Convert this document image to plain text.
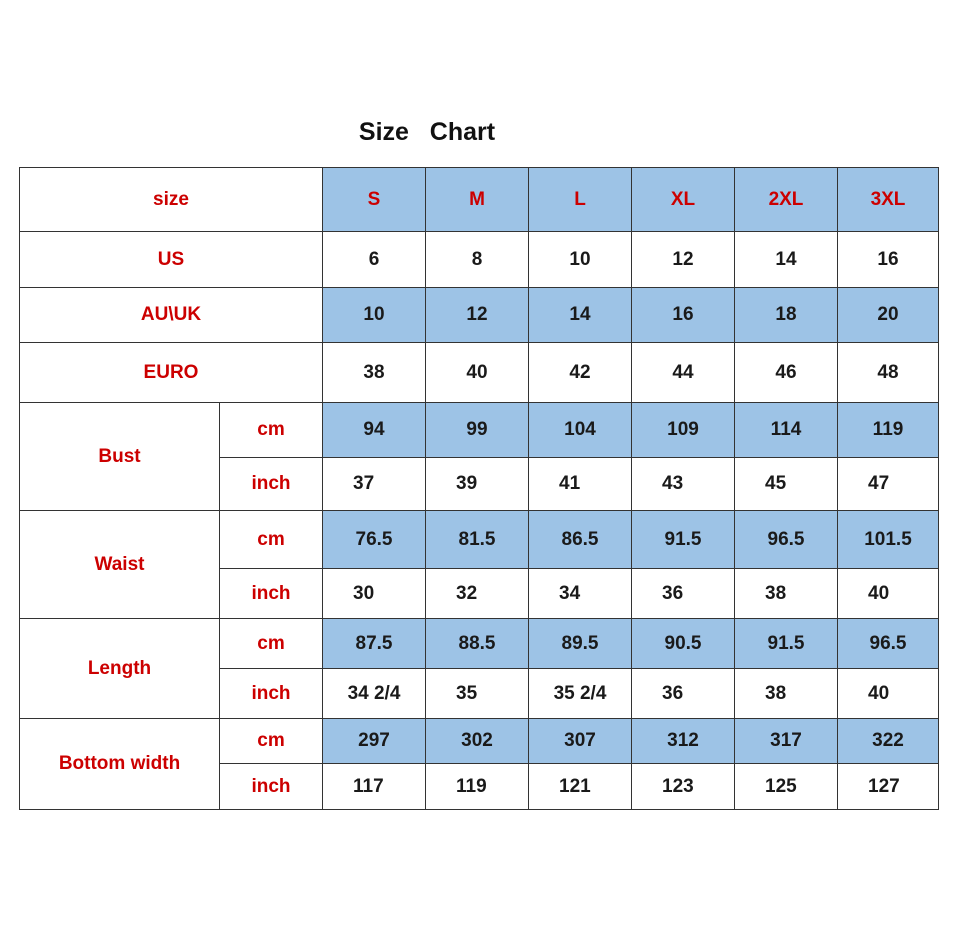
Size   Chart
size		S	M	L	XL	2XL	3XL
US		6	8	10	12	14	16
AU\UK		10	12	14	16	18	20
EURO		38	40	42	44	46	48
Bust	cm	94	99	104	109	114	119
	inch	37	39	41	43	45	47
Waist	cm	76.5	81.5	86.5	91.5	96.5	101.5
	inch	30	32	34	36	38	40
Length	cm	87.5	88.5	89.5	90.5	91.5	96.5
	inch	34 2/4	35	35 2/4	36	38	40
Bottom width	cm	297	302	307	312	317	322
	inch	117	119	121	123	125	127
